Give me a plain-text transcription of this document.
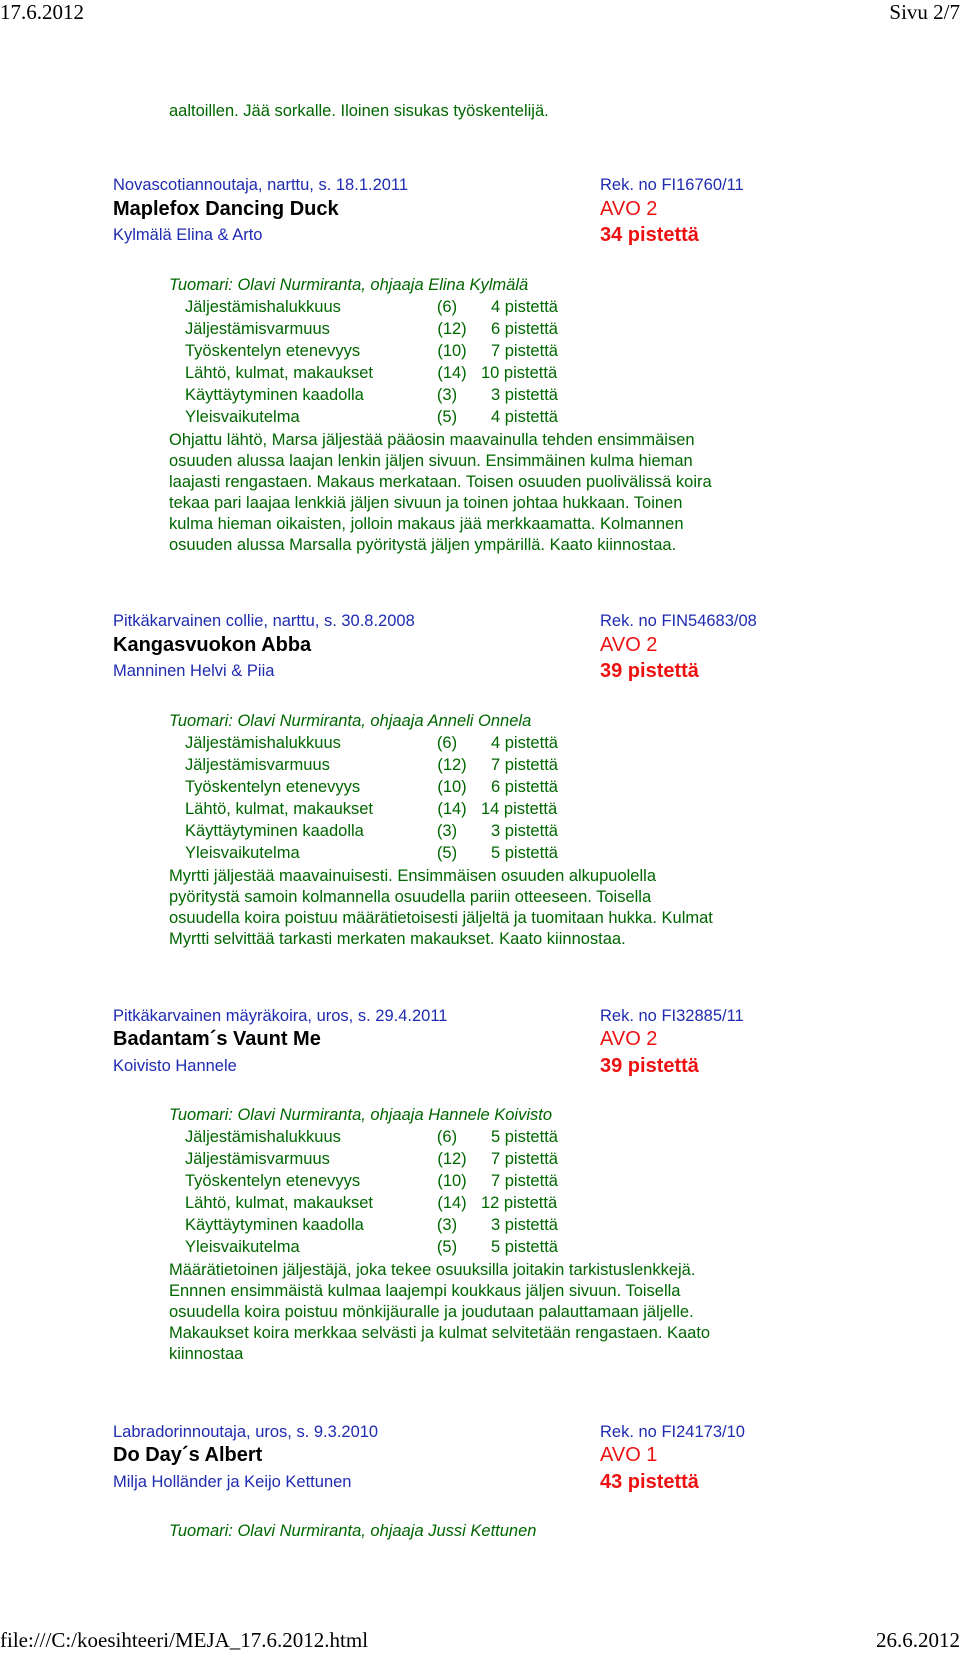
17.6.2012	Sivu 2/7
aaltoillen. Jää sorkalle. Iloinen sisukas työskentelijä.
Novascotiannoutaja, narttu, s. 18.1.2011	Rek. no FI16760/11
Maplefox Dancing Duck	AVO 2
Kylmälä Elina & Arto	34 pistettä
Tuomari: Olavi Nurmiranta, ohjaaja Elina Kylmälä
Jäljestämishalukkuus	(6)	4 pistettä
Jäljestämisvarmuus	(12)	6 pistettä
Työskentelyn etenevyys	(10)	7 pistettä
Lähtö, kulmat, makaukset	(14) 10 pistettä
Käyttäytyminen kaadolla	(3)	3 pistettä
Yleisvaikutelma	(5)	4 pistettä
Ohjattu lähtö, Marsa jäljestää pääosin maavainulla tehden ensimmäisen
osuuden alussa laajan lenkin jäljen sivuun. Ensimmäinen kulma hieman
laajasti rengastaen. Makaus merkataan. Toisen osuuden puolivälissä koira
tekaa pari laajaa lenkkiä jäljen sivuun ja toinen johtaa hukkaan. Toinen
kulma hieman oikaisten, jolloin makaus jää merkkaamatta. Kolmannen
osuuden alussa Marsalla pyöritystä jäljen ympärillä. Kaato kiinnostaa.
Pitkäkarvainen collie, narttu, s. 30.8.2008	Rek. no FIN54683/08
Kangasvuokon Abba	AVO 2
Manninen Helvi & Piia	39 pistettä
Tuomari: Olavi Nurmiranta, ohjaaja Anneli Onnela
Jäljestämishalukkuus	(6)	4 pistettä
Jäljestämisvarmuus	(12)	7 pistettä
Työskentelyn etenevyys	(10)	6 pistettä
Lähtö, kulmat, makaukset	(14) 14 pistettä
Käyttäytyminen kaadolla	(3)	3 pistettä
Yleisvaikutelma	(5)	5 pistettä
Myrtti jäljestää maavainuisesti. Ensimmäisen osuuden alkupuolella
pyöritystä samoin kolmannella osuudella pariin otteeseen. Toisella
osuudella koira poistuu määrätietoisesti jäljeltä ja tuomitaan hukka. Kulmat
Myrtti selvittää tarkasti merkaten makaukset. Kaato kiinnostaa.
Pitkäkarvainen mäyräkoira, uros, s. 29.4.2011	Rek. no FI32885/11
Badantam´s Vaunt Me	AVO 2
Koivisto Hannele	39 pistettä
Tuomari: Olavi Nurmiranta, ohjaaja Hannele Koivisto
Jäljestämishalukkuus	(6)	5 pistettä
Jäljestämisvarmuus	(12)	7 pistettä
Työskentelyn etenevyys	(10)	7 pistettä
Lähtö, kulmat, makaukset	(14) 12 pistettä
Käyttäytyminen kaadolla	(3)	3 pistettä
Yleisvaikutelma	(5)	5 pistettä
Määrätietoinen jäljestäjä, joka tekee osuuksilla joitakin tarkistuslenkkejä.
Ennnen ensimmäistä kulmaa laajempi koukkaus jäljen sivuun. Toisella
osuudella koira poistuu mönkijäuralle ja joudutaan palauttamaan jäljelle.
Makaukset koira merkkaa selvästi ja kulmat selvitetään rengastaen. Kaato
kiinnostaa
Labradorinnoutaja, uros, s. 9.3.2010	Rek. no FI24173/10
Do Day´s Albert	AVO 1
Milja Holländer ja Keijo Kettunen	43 pistettä
Tuomari: Olavi Nurmiranta, ohjaaja Jussi Kettunen
file:///C:/koesihteeri/MEJA_17.6.2012.html	26.6.2012
